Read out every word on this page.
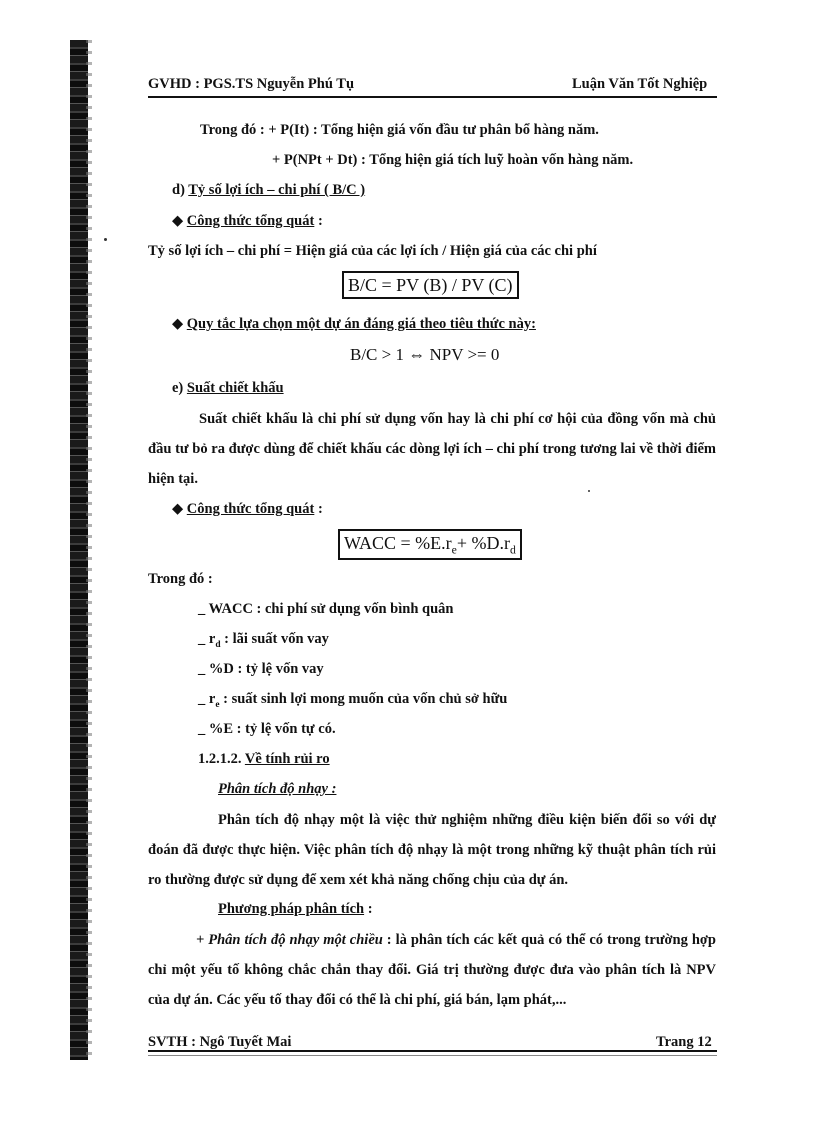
GVHD : PGS.TS Nguyễn Phú Tụ	Luận Văn Tốt Nghiệp
Trong đó : + P(It) : Tổng hiện giá vốn đầu tư phân bổ hàng năm.
+ P(NPt + Dt) : Tổng hiện giá tích luỹ hoàn vốn hàng năm.
d) Tỷ số lợi ích – chi phí ( B/C )
◆ Công thức tổng quát :
Tỷ số lợi ích – chi phí = Hiện giá của các lợi ích / Hiện giá của các chi phí
B/C = PV (B) / PV (C)
◆ Quy tắc lựa chọn một dự án đáng giá theo tiêu thức này:
B/C > 1 ⇔ NPV >= 0
e) Suất chiết khấu
Suất chiết khấu là chi phí sử dụng vốn hay là chi phí cơ hội của đồng vốn mà chủ đầu tư bỏ ra được dùng để chiết khấu các dòng lợi ích – chi phí trong tương lai về thời điểm hiện tại.
◆ Công thức tổng quát :
WACC = $\%E.r_e+ \%D.r_d$
Trong đó :
_ WACC : chi phí sử dụng vốn bình quân
_ $r_d$ : lãi suất vốn vay
_ %D : tỷ lệ vốn vay
_ $r_e$ : suất sinh lợi mong muốn của vốn chủ sở hữu
_ %E : tỷ lệ vốn tự có.
1.2.1.2. Về tính rủi ro
Phân tích độ nhạy :
Phân tích độ nhạy một là việc thử nghiệm những điều kiện biến đổi so với dự đoán đã được thực hiện. Việc phân tích độ nhạy là một trong những kỹ thuật phân tích rủi ro thường được sử dụng để xem xét khả năng chống chịu của dự án.
Phương pháp phân tích :
+ Phân tích độ nhạy một chiều : là phân tích các kết quả có thể có trong trường hợp chỉ một yếu tố không chắc chắn thay đổi. Giá trị thường được đưa vào phân tích là NPV của dự án. Các yếu tố thay đổi có thể là chi phí, giá bán, lạm phát,...
SVTH : Ngô Tuyết Mai	Trang 12
